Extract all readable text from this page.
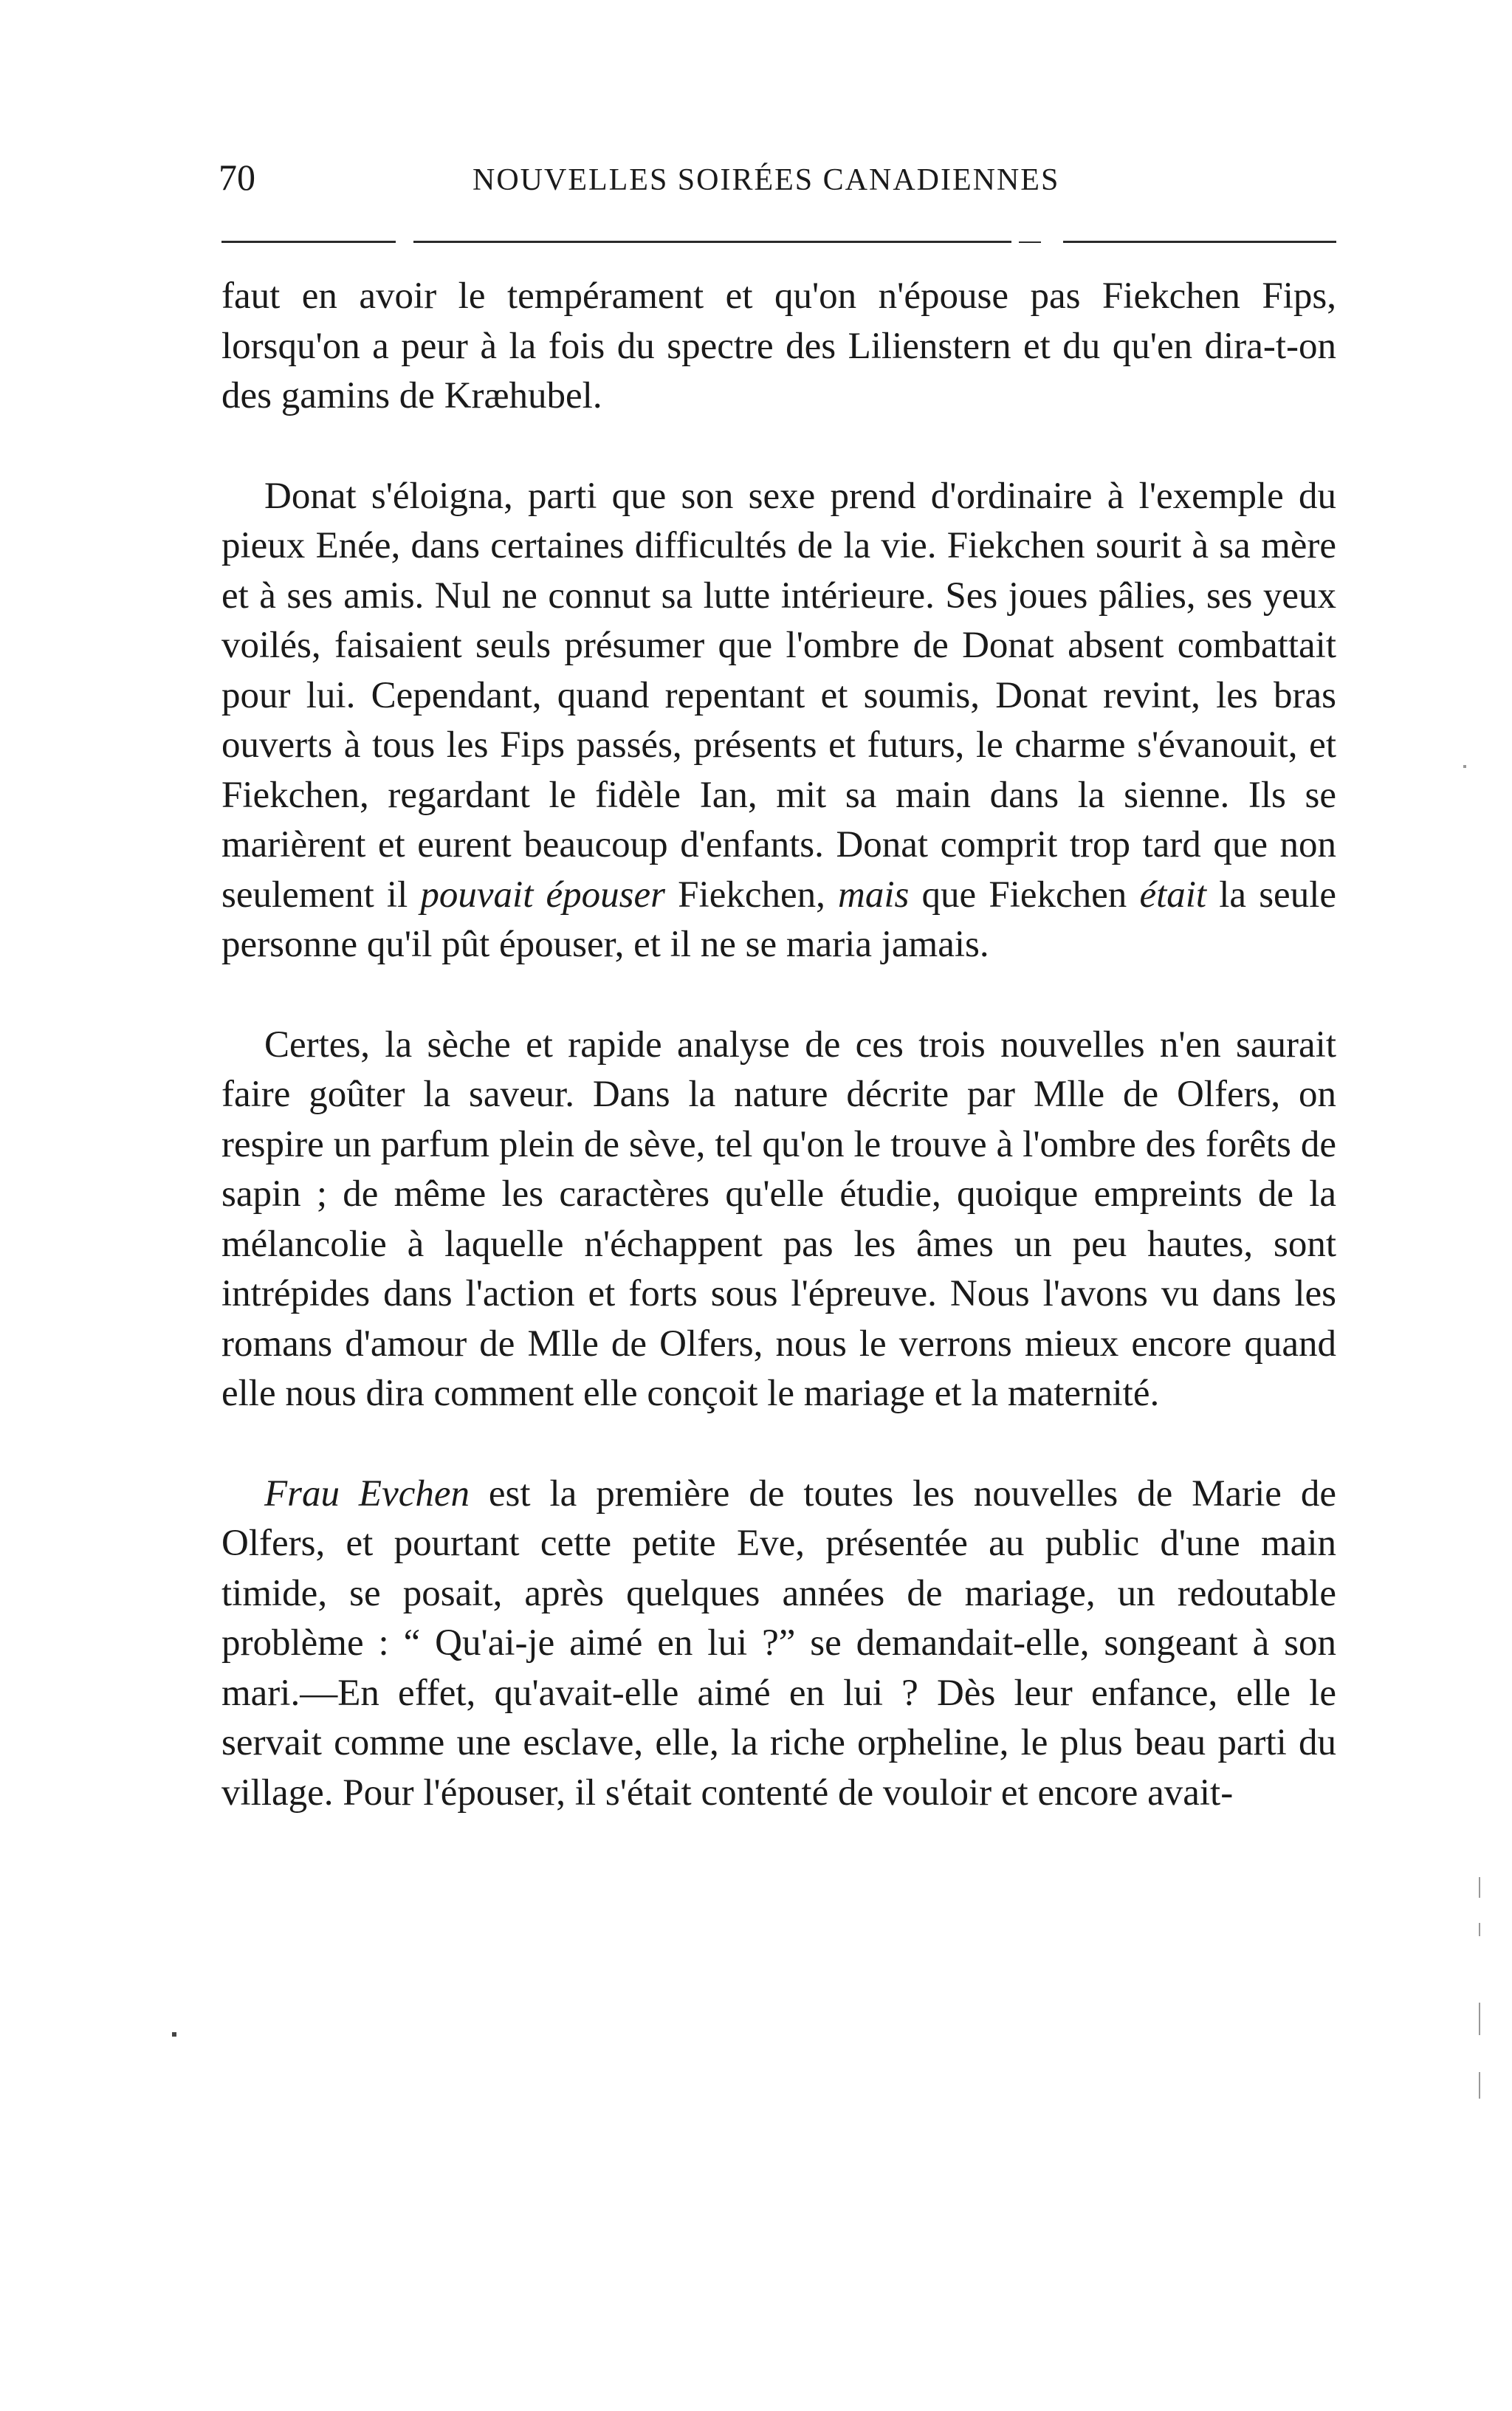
70	NOUVELLES SOIRÉES CANADIENNES

faut en avoir le tempérament et qu'on n'épouse pas Fiekchen Fips, lorsqu'on a peur à la fois du spectre des Lilienstern et du qu'en dira-t-on des gamins de Kræhubel.

Donat s'éloigna, parti que son sexe prend d'ordinaire à l'exemple du pieux Enée, dans certaines difficultés de la vie. Fiekchen sourit à sa mère et à ses amis. Nul ne connut sa lutte intérieure. Ses joues pâlies, ses yeux voilés, faisaient seuls présumer que l'ombre de Donat absent combattait pour lui. Cependant, quand repentant et soumis, Donat revint, les bras ouverts à tous les Fips passés, présents et futurs, le charme s'évanouit, et Fiekchen, regardant le fidèle Ian, mit sa main dans la sienne. Ils se marièrent et eurent beaucoup d'enfants. Donat comprit trop tard que non seulement il pouvait épouser Fiekchen, mais que Fiekchen était la seule personne qu'il pût épouser, et il ne se maria jamais.

Certes, la sèche et rapide analyse de ces trois nouvelles n'en saurait faire goûter la saveur. Dans la nature décrite par Mlle de Olfers, on respire un parfum plein de sève, tel qu'on le trouve à l'ombre des forêts de sapin ; de même les caractères qu'elle étudie, quoique empreints de la mélancolie à laquelle n'échappent pas les âmes un peu hautes, sont intrépides dans l'action et forts sous l'épreuve. Nous l'avons vu dans les romans d'amour de Mlle de Olfers, nous le verrons mieux encore quand elle nous dira comment elle conçoit le mariage et la maternité.

Frau Evchen est la première de toutes les nouvelles de Marie de Olfers, et pourtant cette petite Eve, présentée au public d'une main timide, se posait, après quelques années de mariage, un redoutable problème : “ Qu'ai-je aimé en lui ?” se demandait-elle, songeant à son mari.—En effet, qu'avait-elle aimé en lui ? Dès leur enfance, elle le servait comme une esclave, elle, la riche orpheline, le plus beau parti du village. Pour l'épouser, il s'était contenté de vouloir et encore avait-
